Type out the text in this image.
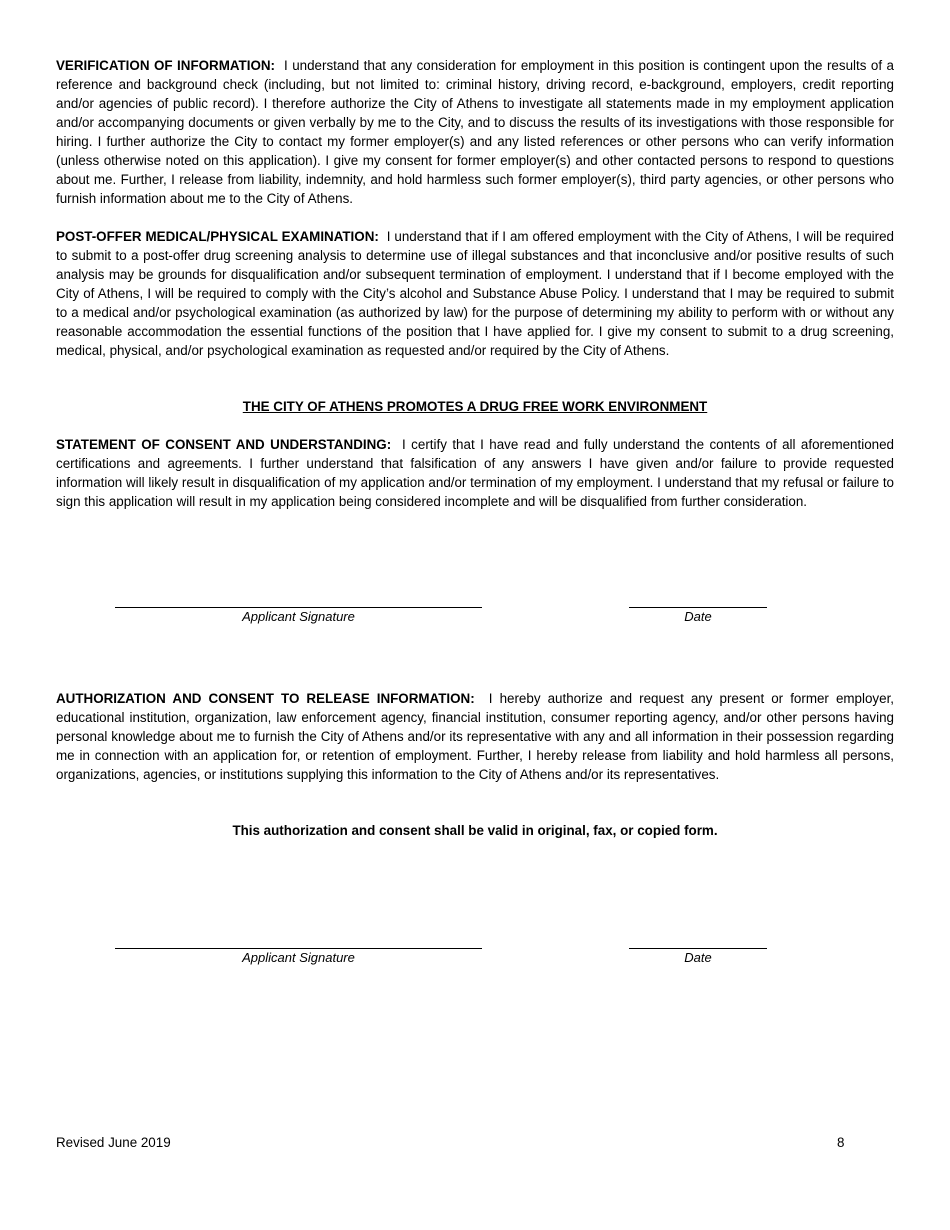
VERIFICATION OF INFORMATION: I understand that any consideration for employment in this position is contingent upon the results of a reference and background check (including, but not limited to: criminal history, driving record, e-background, employers, credit reporting and/or agencies of public record). I therefore authorize the City of Athens to investigate all statements made in my employment application and/or accompanying documents or given verbally by me to the City, and to discuss the results of its investigations with those responsible for hiring. I further authorize the City to contact my former employer(s) and any listed references or other persons who can verify information (unless otherwise noted on this application). I give my consent for former employer(s) and other contacted persons to respond to questions about me. Further, I release from liability, indemnity, and hold harmless such former employer(s), third party agencies, or other persons who furnish information about me to the City of Athens.

POST-OFFER MEDICAL/PHYSICAL EXAMINATION: I understand that if I am offered employment with the City of Athens, I will be required to submit to a post-offer drug screening analysis to determine use of illegal substances and that inconclusive and/or positive results of such analysis may be grounds for disqualification and/or subsequent termination of employment. I understand that if I become employed with the City of Athens, I will be required to comply with the City’s alcohol and Substance Abuse Policy. I understand that I may be required to submit to a medical and/or psychological examination (as authorized by law) for the purpose of determining my ability to perform with or without any reasonable accommodation the essential functions of the position that I have applied for. I give my consent to submit to a drug screening, medical, physical, and/or psychological examination as requested and/or required by the City of Athens.

THE CITY OF ATHENS PROMOTES A DRUG FREE WORK ENVIRONMENT

STATEMENT OF CONSENT AND UNDERSTANDING: I certify that I have read and fully understand the contents of all aforementioned certifications and agreements. I further understand that falsification of any answers I have given and/or failure to provide requested information will likely result in disqualification of my application and/or termination of my employment. I understand that my refusal or failure to sign this application will result in my application being considered incomplete and will be disqualified from further consideration.

Applicant Signature	Date

AUTHORIZATION AND CONSENT TO RELEASE INFORMATION: I hereby authorize and request any present or former employer, educational institution, organization, law enforcement agency, financial institution, consumer reporting agency, and/or other persons having personal knowledge about me to furnish the City of Athens and/or its representative with any and all information in their possession regarding me in connection with an application for, or retention of employment. Further, I hereby release from liability and hold harmless all persons, organizations, agencies, or institutions supplying this information to the City of Athens and/or its representatives.

This authorization and consent shall be valid in original, fax, or copied form.

Applicant Signature	Date
Revised June 2019	8
